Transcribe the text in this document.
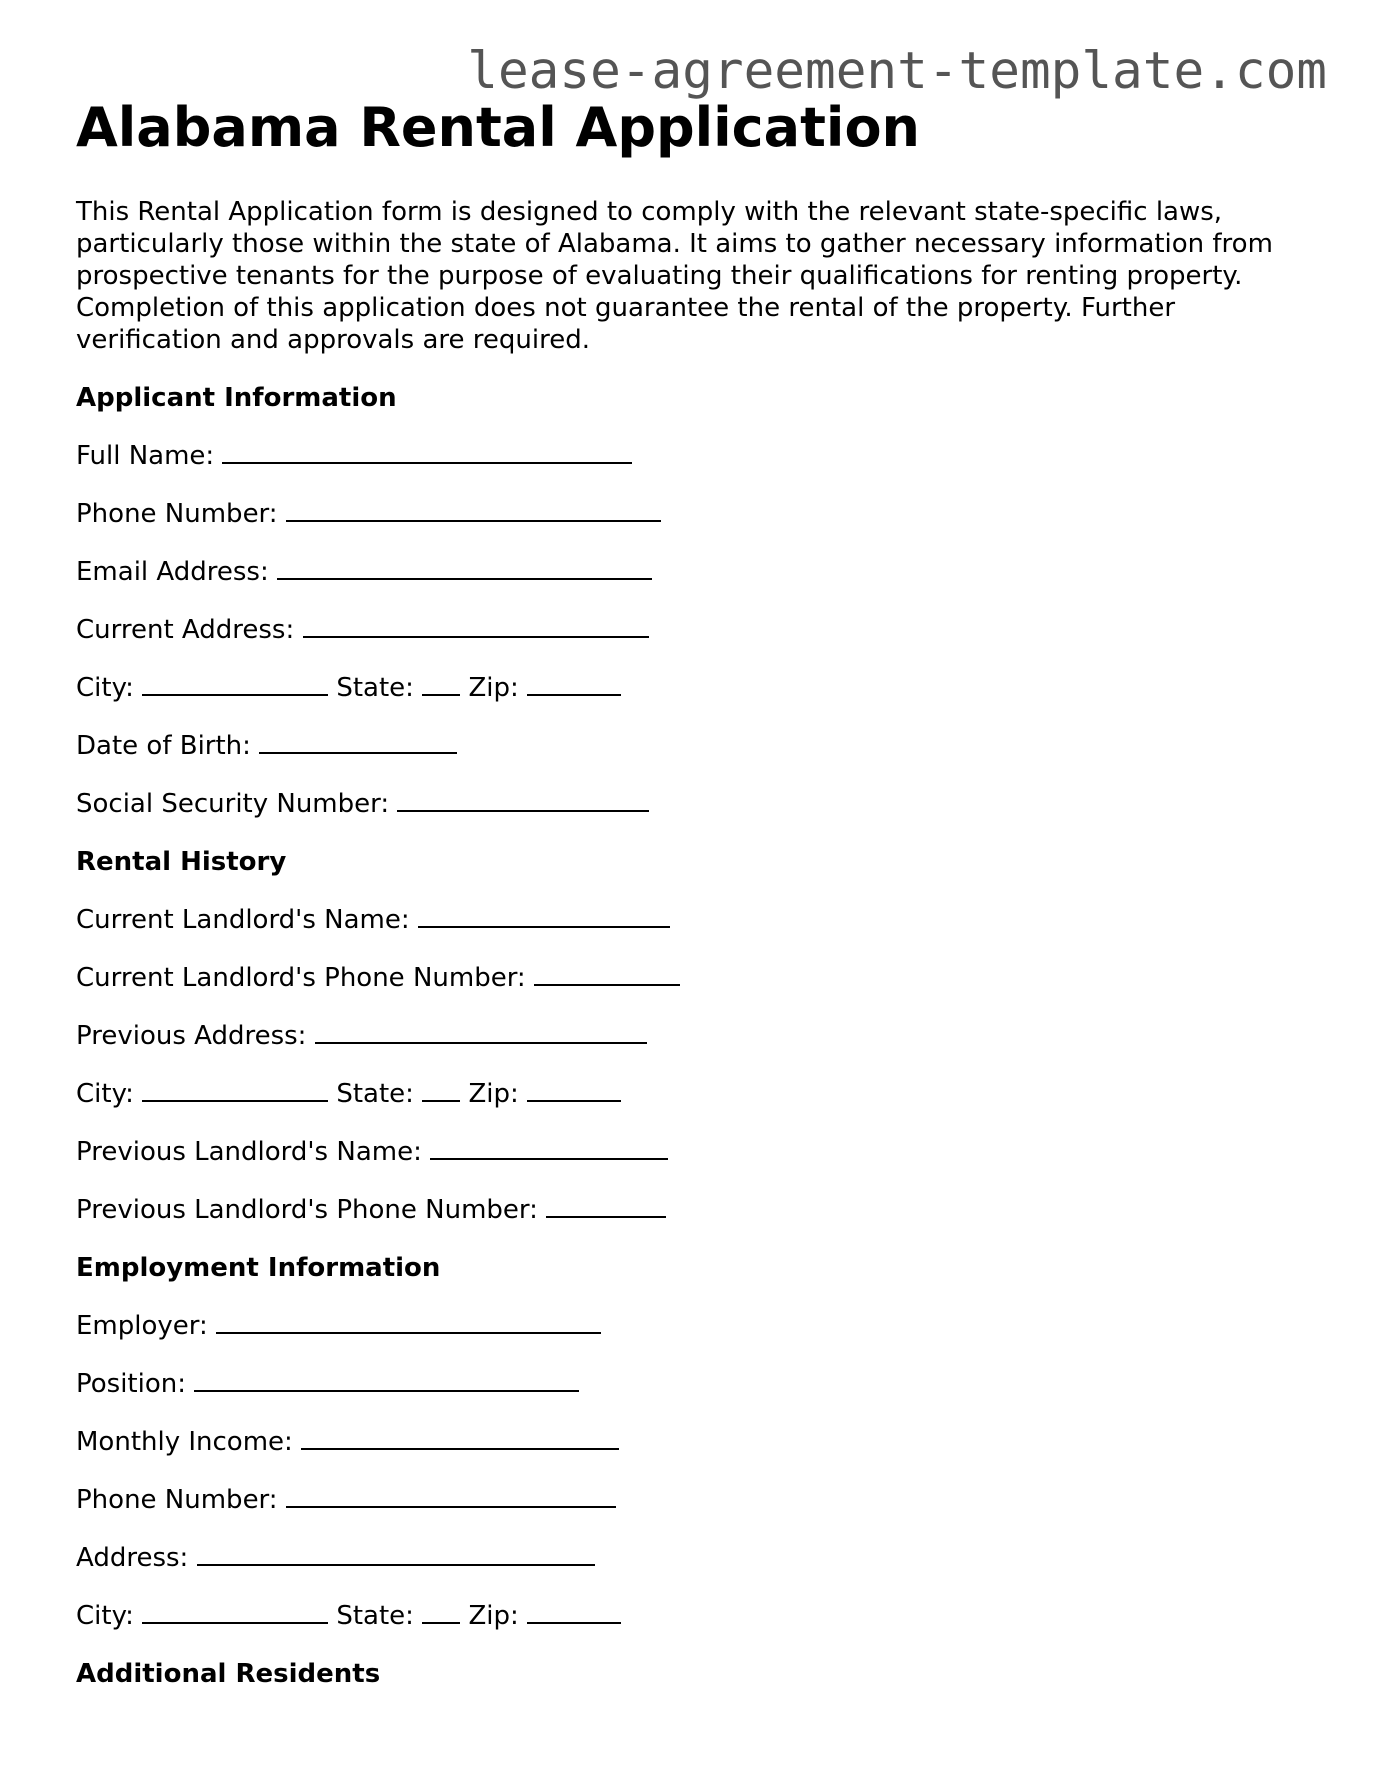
lease-agreement-template.com
Alabama Rental Application

This Rental Application form is designed to comply with the relevant state-specific laws, particularly those within the state of Alabama. It aims to gather necessary information from prospective tenants for the purpose of evaluating their qualifications for renting property. Completion of this application does not guarantee the rental of the property. Further verification and approvals are required.

Applicant Information
Full Name:
Phone Number:
Email Address:
Current Address:
City:	State: Zip:
Date of Birth:
Social Security Number:
Rental History
Current Landlord's Name:
Current Landlord's Phone Number:
Previous Address:
City:	State: Zip:
Previous Landlord's Name:
Previous Landlord's Phone Number:
Employment Information
Employer:
Position:
Monthly Income:
Phone Number:
Address:
City:	State: Zip:
Additional Residents
